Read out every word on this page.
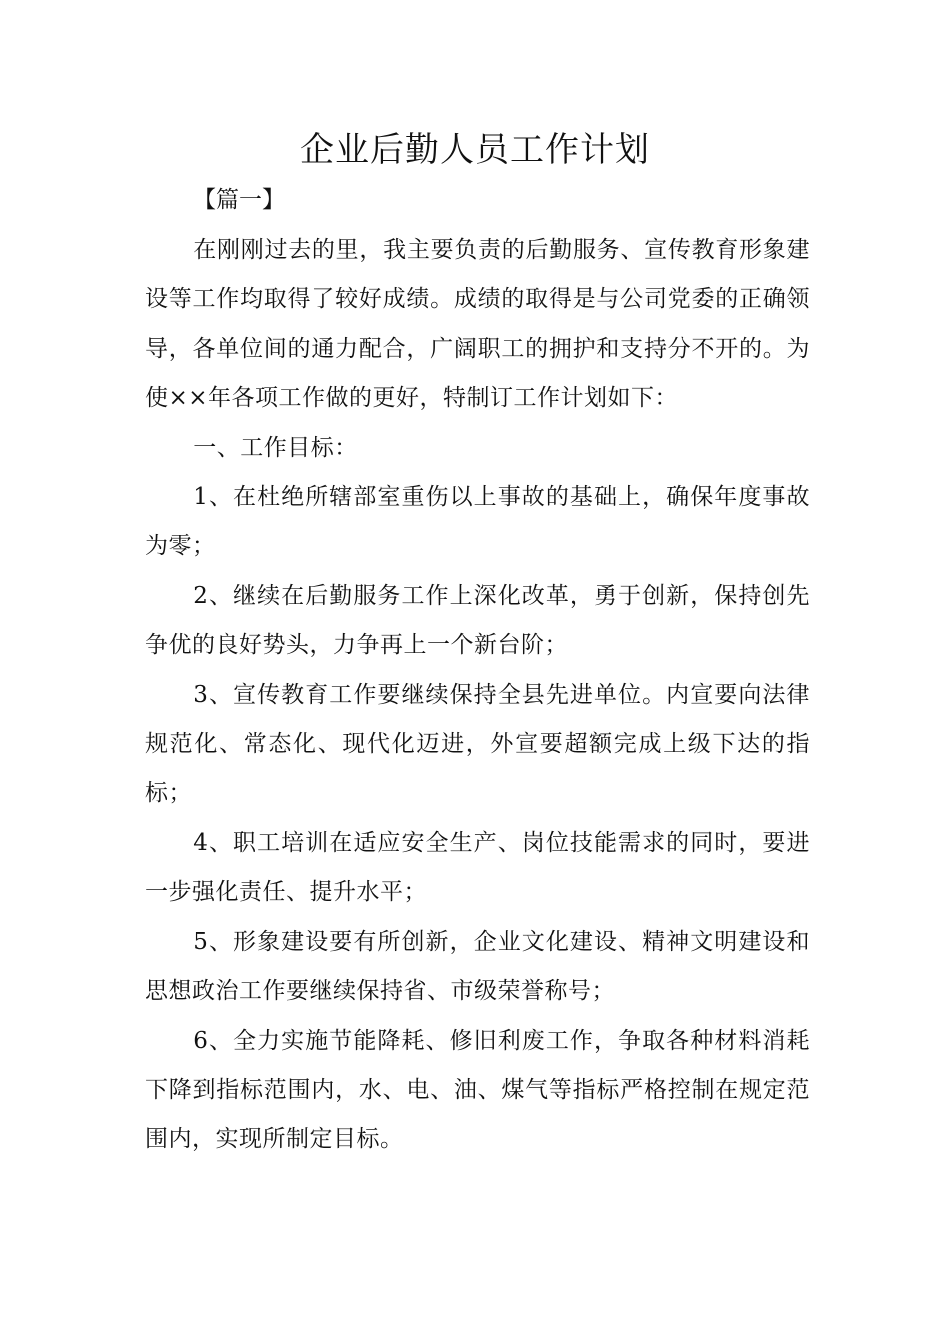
企业后勤人员工作计划
【篇一】

在刚刚过去的里，我主要负责的后勤服务、宣传教育形象建设等工作均取得了较好成绩。成绩的取得是与公司党委的正确领导，各单位间的通力配合，广阔职工的拥护和支持分不开的。为使××年各项工作做的更好，特制订工作计划如下：

一、工作目标：

1、在杜绝所辖部室重伤以上事故的基础上，确保年度事故为零；

2、继续在后勤服务工作上深化改革，勇于创新，保持创先争优的良好势头，力争再上一个新台阶；

3、宣传教育工作要继续保持全县先进单位。内宣要向法律规范化、常态化、现代化迈进，外宣要超额完成上级下达的指标；

4、职工培训在适应安全生产、岗位技能需求的同时，要进一步强化责任、提升水平；

5、形象建设要有所创新，企业文化建设、精神文明建设和思想政治工作要继续保持省、市级荣誉称号；

6、全力实施节能降耗、修旧利废工作，争取各种材料消耗下降到指标范围内，水、电、油、煤气等指标严格控制在规定范围内，实现所制定目标。
